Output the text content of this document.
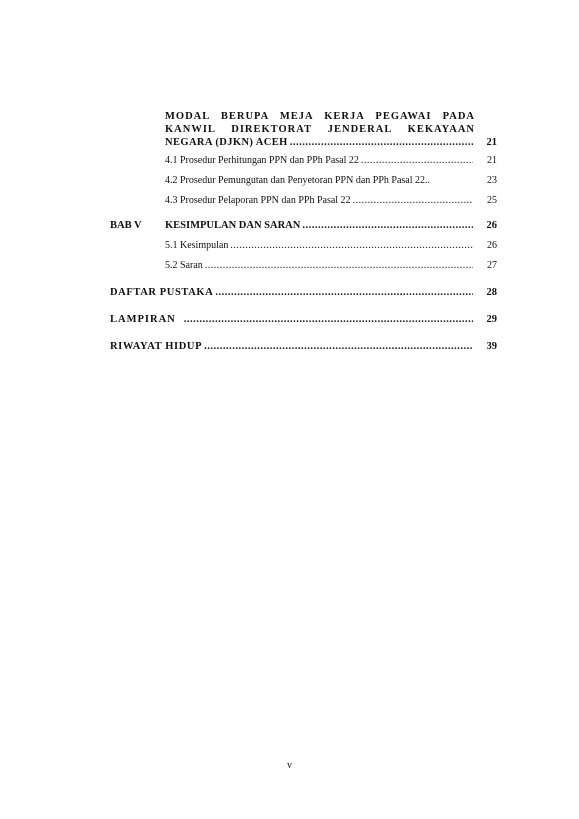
MODAL BERUPA MEJA KERJA PEGAWAI PADA
KANWIL DIREKTORAT JENDERAL KEKAYAAN
NEGARA (DJKN) ACEH .....	21
4.1 Prosedur Perhitungan PPN dan PPh Pasal 22 .....	21
4.2 Prosedur Pemungutan dan Penyetoran PPN dan PPh Pasal 22..	23
4.3 Prosedur Pelaporan PPN dan PPh Pasal 22 .....	25
BAB V KESIMPULAN DAN SARAN .....	26
5.1 Kesimpulan .....	26
5.2 Saran .....	27
DAFTAR PUSTAKA .....	28
LAMPIRAN .....	29
RIWAYAT HIDUP .....	39
v
